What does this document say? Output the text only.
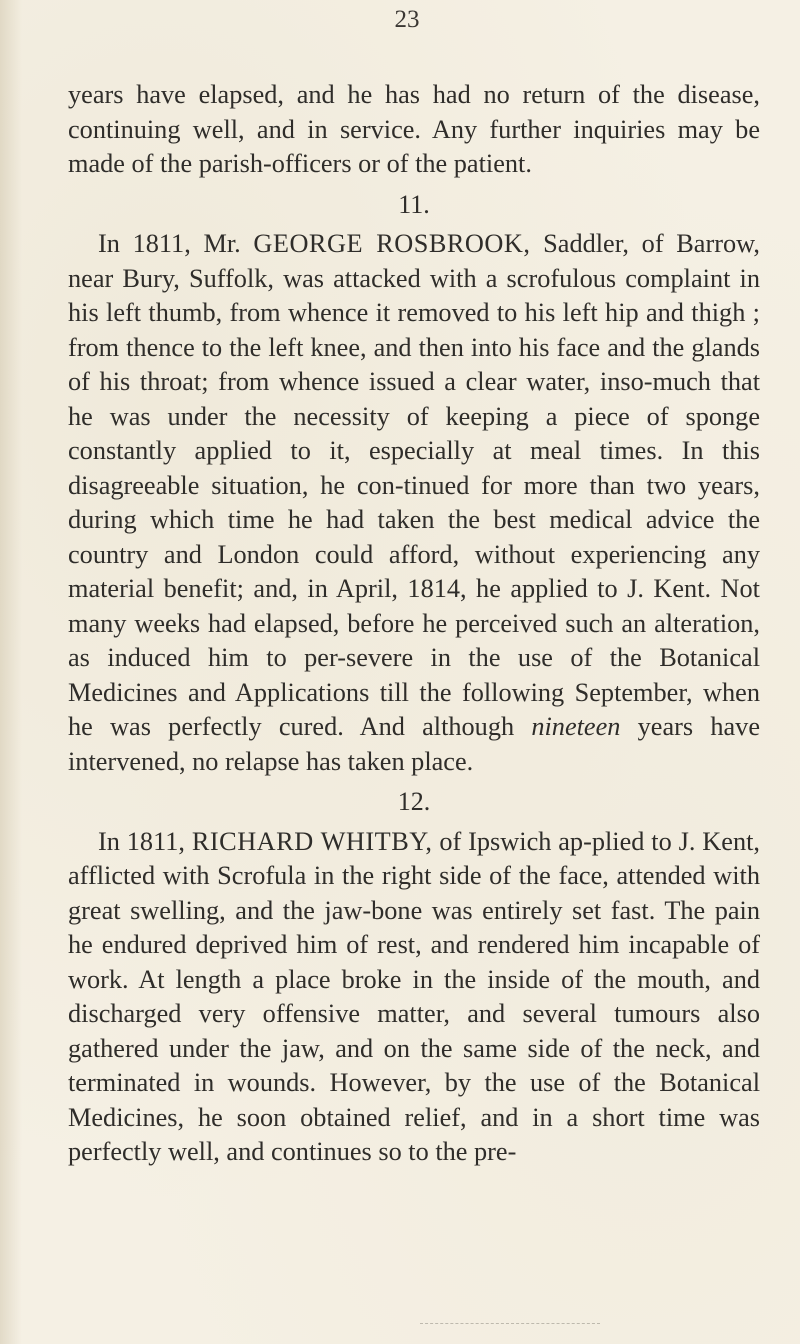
23

years have elapsed, and he has had no return of the disease, continuing well, and in service. Any further inquiries may be made of the parish-officers or of the patient.

11.

In 1811, Mr. GEORGE ROSBROOK, Saddler, of Barrow, near Bury, Suffolk, was attacked with a scrofulous complaint in his left thumb, from whence it removed to his left hip and thigh ; from thence to the left knee, and then into his face and the glands of his throat; from whence issued a clear water, inso-much that he was under the necessity of keeping a piece of sponge constantly applied to it, especially at meal times. In this disagreeable situation, he con-tinued for more than two years, during which time he had taken the best medical advice the country and London could afford, without experiencing any material benefit; and, in April, 1814, he applied to J. Kent. Not many weeks had elapsed, before he perceived such an alteration, as induced him to per-severe in the use of the Botanical Medicines and Applications till the following September, when he was perfectly cured. And although nineteen years have intervened, no relapse has taken place.

12.

In 1811, RICHARD WHITBY, of Ipswich ap-plied to J. Kent, afflicted with Scrofula in the right side of the face, attended with great swelling, and the jaw-bone was entirely set fast. The pain he endured deprived him of rest, and rendered him incapable of work. At length a place broke in the inside of the mouth, and discharged very offensive matter, and several tumours also gathered under the jaw, and on the same side of the neck, and terminated in wounds. However, by the use of the Botanical Medicines, he soon obtained relief, and in a short time was perfectly well, and continues so to the pre-
